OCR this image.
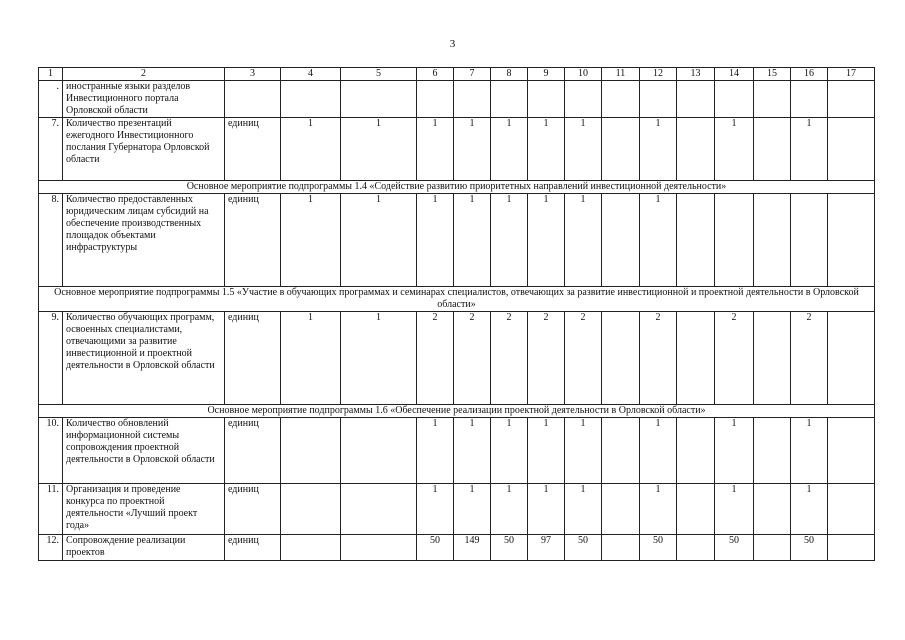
3
1	2	3	4	5	6	7	8	9	10	11	12	13	14	15	16	17
.	иностранные языки разделов Инвестиционного портала Орловской области															
7.	Количество презентаций ежегодного Инвестиционного послания Губернатора Орловской области	единиц	1	1	1	1	1	1	1		1		1		1	
Основное мероприятие подпрограммы 1.4 «Содействие развитию приоритетных направлений инвестиционной деятельности»																
8.	Количество предоставленных юридическим лицам субсидий на обеспечение производственных площадок объектами инфраструктуры	единиц	1	1	1	1	1	1	1		1					
Основное мероприятие подпрограммы 1.5 «Участие в обучающих программах и семинарах специалистов, отвечающих за развитие инвестиционной и проектной деятельности в Орловской области»																
9.	Количество обучающих программ, освоенных специалистами, отвечающими за развитие инвестиционной и проектной деятельности в Орловской области	единиц	1	1	2	2	2	2	2		2		2		2	
Основное мероприятие подпрограммы 1.6 «Обеспечение реализации проектной деятельности в Орловской области»																
10.	Количество обновлений информационной системы сопровождения проектной деятельности в Орловской области	единиц			1	1	1	1	1		1		1		1	
11.	Организация и проведение конкурса по проектной деятельности «Лучший проект года»	единиц			1	1	1	1	1		1		1		1	
12.	Сопровождение реализации проектов	единиц			50	149	50	97	50		50		50		50	
